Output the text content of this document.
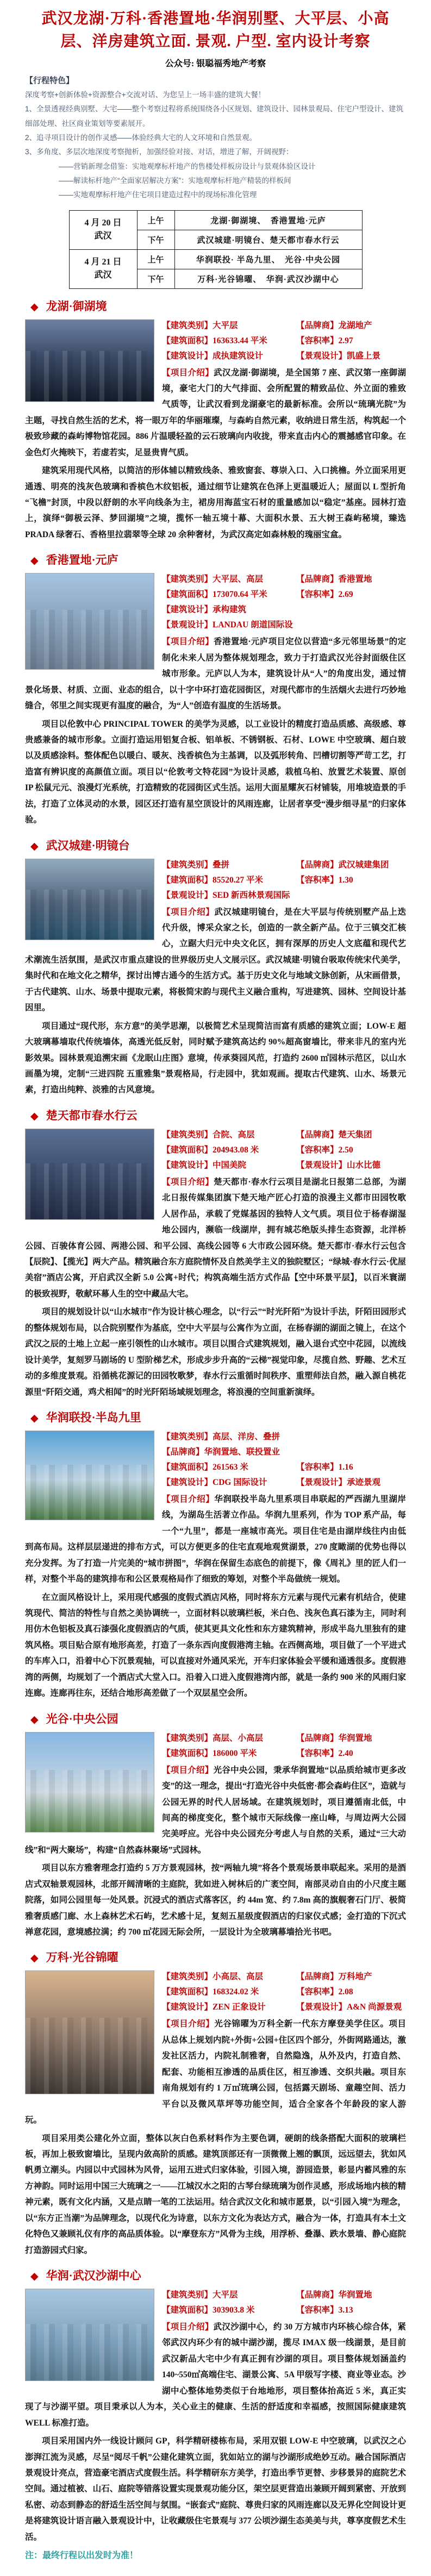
武汉龙湖·万科·香港置地·华润别墅、大平层、小高层、洋房建筑立面. 景观. 户型. 室内设计考察
公众号: 银聪福秀地产考察
【行程特色】

深度考察+创新体验+资源整合+交流对话、为您呈上一场丰盛的建筑大餐！

1、全景透视经典别墅、大宅——整个考察过程将系统围绕各小区规划、建筑设计、园林景观局、住宅户型设计、建筑细部处理、社区商业策划等要素展开。

2、追寻项目设计的创作灵感——体验经典大宅的人文环境和自然景观。

3、多角度、多层次地深度考察抛析，加强经验对接、对话，增进了解，开阔视野：

——营销新理念借鉴：实地观摩标杆地产的售楼处样板房设计与景观体验区设计

——解读标杆地产“全面家居解决方案”：实地观摩标杆地产精装的样板间

——实地观摩标杆地产住宅项目建造过程中的现场标准化管理

4 月 20 日
武汉	上午	龙湖·御湖境、　香港置地·元庐
	下午	武汉城建·明镜台、楚天都市春水行云
4 月 21 日
武汉	上午	华润联投· 半岛九里、　光谷·中央公园
	下午	万科·光谷锦曜、　华润·武汉沙湖中心
◆ 龙湖·御湖境
【建筑类别】大平层	【品牌商】龙湖地产
【建筑面积】163633.44 平米	【容积率】2.97
【建筑设计】成执建筑设计	【景观设计】凯盛上景

【项目介绍】武汉龙湖·御湖境，是全国第 7 座、武汉第一座御湖境，豪宅大门的大气排面、会所配置的精致品位、外立面的雅致气质等，让武汉看到龙湖豪宅的最新标准。会所以“琉璃光院”为主题，寻找自然生活的艺术，将一眼万年的华丽璀璨，与森屿自然元素，收纳进日常生活，构筑起一个极致珍藏的森屿博物馆花园。886 片温暖轻盈的云石玻璃向内收拢，带来直击内心的震撼感官印象。在金色灯火掩映下，若虚若实，足显贵胄气质。

建筑采用现代风格，以简洁的形体辅以精致线条、雅致窗套、尊崇入口、入口挑檐。外立面采用更通透、明亮的浅灰色玻璃和香槟色木纹铝板，通过细节让建筑在色泽上更温暖近人；屋面以 L 型折角“飞檐”封顶，中段以舒朗的水平向线条为主，裙房用海蓝宝石材的重量感加以“稳定”基座。园林打造上，演绎“御极云泽、梦回湖境”之境，揽怀一轴五境十幕、大面积水景、五大树王森屿秘境，臻选 PRADA 绿奢石、香格里拉翡翠等全球 20 余种奢材，为武汉高定如森林般的瑰丽宝盒。

◆ 香港置地·元庐
【建筑类别】大平层、高层	【品牌商】香港置地
【建筑面积】173070.64 平米	【容积率】2.69
【建筑设计】承构建筑
【景观设计】LANDAU 朗道国际设

【项目介绍】香港置地·元庐项目定位以营造“多元邻里场景”的定制化未来人居为整体规划理念，致力于打造武汉光谷封面级住区城市形象。元庐以人为本，建筑设计从“人”的角度出发，通过情景化场景、材质、立面、业态的组合，以十字中环打造花园街区，对现代都市的生活烟火去进行巧妙地缝合，邻里之间实现更有温度的融合，为“人”创造有温度的生活场景。

项目以伦敦中心 PRINCIPAL TOWER 的美学为灵感，以工业设计的精度打造品质感、高级感、尊贵感兼备的城市形象。立面打造运用铝复合板、铝单板、不锈钢板、石材、LOWE 中空玻璃、超白玻以及质感涂料。整体配色以暖白、暖灰、浅香槟色为主基调，以及弧形转角、凹槽切割等严苛工艺，打造富有辨识度的高颜值立面。项目以“伦敦考文特花园”为设计灵感，栽植乌桕、放置艺术装置、原创 IP 松鼠元元、浪漫灯光系统，打造精致的花园街区式生活。运用大面星耀灰石材铺装，用堆坡造景的手法，打造了立体灵动的水景，园区还打造有星空顶设计的风雨连廊，让居者享受“漫步细寻星”的归家体验。

◆ 武汉城建·明镜台
【建筑类别】叠拼	【品牌商】武汉城建集团
【建筑面积】85520.27 平米	【容积率】1.30
【景观设计】SED 新西林景观国际

【项目介绍】武汉城建明镜台，是在大平层与传统别墅产品上迭代升级，博采众家之长，创造的一款全新产品。位于三镇交汇核心，立踞大归元中央文化区，拥有深厚的历史人文底蕴和现代艺术潮流生活氛围，是武汉市重点建设的世界级历史人文展示区。武汉城建·明镜台吸取传统宋代美学，集时代和在地文化之精华，探讨出博古通今的生活方式。基于历史文化与地域文脉创新，从宋画借景，于古代建筑、山水、场景中提取元素，将极简宋韵与现代主义融合重构，写进建筑、园林、空间设计基因里。

项目通过“现代形，东方意”的美学思潮，以极简艺术呈现简洁而富有质感的建筑立面；LOW-E 超大玻璃幕墙取代传统墙体，高透光低反射，同时赋予建筑高达约 90%超高窗墙比，带来非凡的室内光影效果。园林景观追溯宋画《龙眠山庄图》意境，传承葵园风范，打造约 2600 ㎡园林示范区，以山水画墨为境，定制“三进四院 五重雅集”景观格局，行走园中，犹如观画。提取古代建筑、山水、场景元素，打造出纯粹、淡雅的古风意境。

◆ 楚天都市春水行云
【建筑类别】合院、高层	【品牌商】楚天集团
【建筑面积】204943.08 米	【容积率】2.50
【建筑设计】中国美院	【景观设计】山水比德

【项目介绍】楚天都市·春水行云项目是湖北日报第二总部，为湖北日报传媒集团旗下楚天地产匠心打造的浪漫主义都市田园牧歌人居作品，承载了党媒基因的独特人文气质。项目位于杨春湖湿地公园内，濒临一线湖岸，拥有城芯绝版头排生态资源，北洋桥公园、百骏体育公园、两港公园、和平公园、高线公园等 6 大市政公园环绕。楚天都市·春水行云包含【辰院】、【揽光】两大产品。精筑融合东方庭院情怀及自然美学主义的独院墅区；“绿城·春水行云·优屋美宿”酒店公寓，开启武汉全新 5.0 公寓+时代；构筑高端生活方式作品【空中环景平层】，以百米寰湖的极致视野，敬献环幕人生的空中藏品大宅。

项目的规划设计以“山水城市”作为设计核心理念，以“行云”“时光阡陌”为设计手法，阡陌田园形式的整体规划布局，以合院别墅作为基底，空中大平层与公寓作为立面，在杨春湖的湖面之镜上，在这个武汉之辰的土地上立起一座引领性的山水城市。项目以围合式建筑规划，融入退台式空中花园，以流线设计美学，复刻罗马剧场的 U 型阶梯艺术，形成步步升高的“云梯”视觉印象，尽揽自然、野趣、艺术互动的多维度景观。沿循桃花源记的田园牧歌梦，春水行云重循时间秩序、重塑师法自然，融入源自桃花源里“阡陌交通，鸡犬相闻”的时光阡陌场域规划理念，将浪漫的空间重新演绎。

◆ 华润联投·半岛九里
【建筑类别】高层、洋房、叠拼
【品牌商】华润置地、联投置业
【建筑面积】261563 米	【容积率】1.16
【建筑设计】CDG 国际设计	【景观设计】承迹景观

【项目介绍】华润联投半岛九里系项目串联起的严西湖九里湖岸线，为湖岛生活著立作品。华润九里系列，作为 TOP 系产品，每一个“九里”，都是一座城市高光。项目住宅是由湖岸线往内由低到高布局。这样层层递进的排布方式，可以方便更多的住宅直观地观赏湖景，270 度瞰湖的优势也得以充分发挥。为了打造一片完美的“城市拼图”，华润在保留生态底色的前提下，像《周礼》里的匠人们一样，对整个半岛的建筑排布和公区景观格局作了细致的筹划，对整个半岛做统一规划。

在立面风格设计上，采用现代感强的度假式酒店风格，同时将东方元素与现代元素有机结合，使建筑现代、简洁的特性与自然之美协调统一，立面材料以玻璃栏板，米白色、浅灰色真石漆为主，同时利用仿木色铝板及真石漆强化度假酒店的气质，使其更具文化性和东方建筑精神，形成半岛九里独有的建筑风格。项目贴合原有地形高差，打造了一条东西向度假港湾主轴。在西侧高地，项目做了一个平进式的车库入口，沿着中心下沉景观轴，可以直接对外通风采光，开车归家体验会平缓和通透很多。度假港湾的两侧，均规划了一个酒店式大堂入口。沿着入口进入度假港湾内部，就是一条约 900 米的风雨归家连廊。连廊再往东，还结合地形高差做了一个双层星空会所。

◆ 光谷·中央公园
【建筑类别】高层、小高层	【品牌商】华润置地
【建筑面积】186000 平米	【容积率】2.40

【项目介绍】光谷中央公园，秉承华润置地“以品质给城市更多改变”的这一理念，提出“打造光谷中央低密·都会森屿住区”，造就与公园无界的时代人居场域。在建筑规划时，项目遵循南北低，中间高的梯度变化，整个城市天际线像一座山峰，与周边两大公园完美呼应。光谷中央公园充分考虑人与自然的关系，通过“三大动线”和“两大聚场”，构建“自然森林聚场”式园林。

项目以东方雅奢理念打造约 5 万方景观园林，按“两轴九境”将各个景观场景串联起来。采用的是酒店式双轴景观园林，北部开阔清晰的主庭院，犹如进入树林后的广袤空间，南部灵动自由的小尺度主题院落，如同公园里每一处风景。沉浸式的酒店式落客区，约 44m 宽、约 7.8m 高的旗舰奢石门厅、极简雅奢质感门廊、水上森林艺术石屿，艺术感十足，复刻五星级度假酒店的归家仪式感；金打造的下沉式禅意花园，意境感拉满；约 700 ㎡花园无际会所，一层设计为全玻璃幕墙拾光书吧。

◆ 万科·光谷锦曜
【建筑类别】小高层、高层	【品牌商】万科地产
【建筑面积】168324.02 米	【容积率】2.08
【建筑设计】ZEN 正象设计	【景观设计】A&N 尚源景观

【项目介绍】光谷锦曜为万科全新一代东方摩登美学住区。项目从总体上规划内院+外街+公园+住区四个部分，外街网路通达，激发社区活力，内院礼制雅奢，自然隐逸，从外及内，打造自然、配套、功能相互渗透的品质住区，相互渗透、交织共融。项目东南角规划有约 1 万㎡琉璃公园，包括露天剧场、童趣空间、活力平台以及微风草坪等功能空间，适合全家各个年龄段的家人游玩。

项目采用类公建化外立面，整体以灰白色系材料作为主要色调，硬朗的线条搭配大面积的玻璃栏板，再加上极致窗墙比，呈现内敛高阶的质感。建筑顶部还有一顶微微上翘的飘顶，远远望去，犹如风帆勇立潮头。内园以中式园林为风骨，运用五进式归家体验，引园入境，游园造景，彰显内蓄风雅的东方神韵。同时运用中国三大琉璃之一——江城汉水之阳的古琴台绿琉璃为创作灵感，形成场地内核的精神元素，既有文化内涵，又是点睛一笔的工法运用。结合武汉文化和城市愿景，以“引园入境”为理念，以“东方正当潮”为品牌理念，以现代化为诗意，以东方文化为表达方式，融合为一体，打造具有本土文化特色又兼顾礼仪有序的高品质体验。以“摩登东方”风骨为主线，用浮桥、叠瀑、跌水景墙、静心庭院打造游园式归家。

◆ 华润·武汉沙湖中心
【建筑类别】大平层	【品牌商】华润置地
【建筑面积】303903.8 米	【容积率】3.13

【项目介绍】武汉沙湖中心，约 30 万方城市内环核心综合体，紧邻武汉内环少有的城中湖沙湖，揽尽 IMAX 级一线湖景，是目前武汉新品大宅中少有真正拥有沙湖的项目。项目整体规划涵盖约 140~550㎡高端住宅、湖景公寓、5A 甲级写字楼、商业等业态。沙湖中心整体地势类似于台地地形，项目整体抬高近 5 米，真正实现了与沙湖平望。项目秉承以人为本，关心业主的健康、生活的舒适度和幸福感，按照国际健康建筑 WELL 标准打造。

项目采用国内外一线设计顾问 GP，科学精研楼栋布局，采用双银 LOW-E 中空玻璃，以武汉之心澎湃江流为灵感，尽呈“阅尽千帆”公建化建筑立面，犹如站立的湖与沙湖形成绝妙互动。融合国际酒店景观设计亮点，营造豪宅酒店式度假生活。科学精研东方美学，打造出季节更替、步移景异的庭院艺术空间。通过植被、山石、庭院等错落设置实现景观功能分区，架空层更营造出兼顾开阔到紧密、开放到私密、动态到静态的舒适生活空间与氛围。“嵌套式”庭院、尊贵归家的风雨连廊以及无界化空间设计更是将建筑设计语言融入景观设计中，让收藏级住宅景观与 377 公顷沙湖生态美美与共，尊享度假艺术生活。

注：最终行程以出发时为准！
